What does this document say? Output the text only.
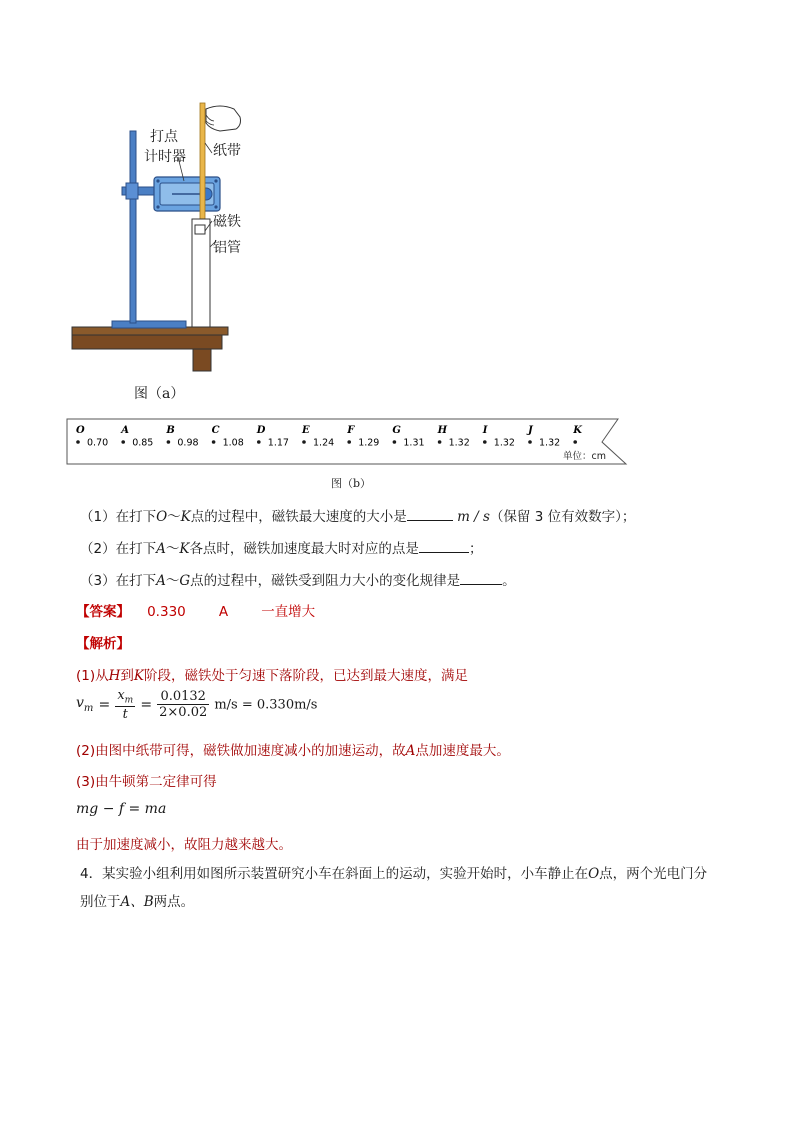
打点
计时器 纸带
磁铁
铝管
图（a）
O
0.70
A
0.85
B
0.98
C
1.08
D
1.17
E
1.24
F
1.29
G
1.31
H
1.32
I
1.32
J
1.32
K
单位：cm
图（b）
（1）在打下O～K点的过程中，磁铁最大速度的大小是	m / s（保留 3 位有效数字）；
（2）在打下A～K各点时，磁铁加速度最大时对应的点是	；
（3）在打下A～G点的过程中，磁铁受到阻力大小的变化规律是	。
【答案】 0.330 A 一直增大
【解析】
(1)从H到K阶段，磁铁处于匀速下落阶段，已达到最大速度，满足
$v_m = \frac{x_m}{t} = \frac{0.0132}{2\times 0.02} m/s = 0.330m/s$
(2)由图中纸带可得，磁铁做加速度减小的加速运动，故A点加速度最大。
(3)由牛顿第二定律可得
mg − f = ma
由于加速度减小，故阻力越来越大。
4．某实验小组利用如图所示装置研究小车在斜面上的运动，实验开始时，小车静止在O点，两个光电门分
别位于A、B两点。
